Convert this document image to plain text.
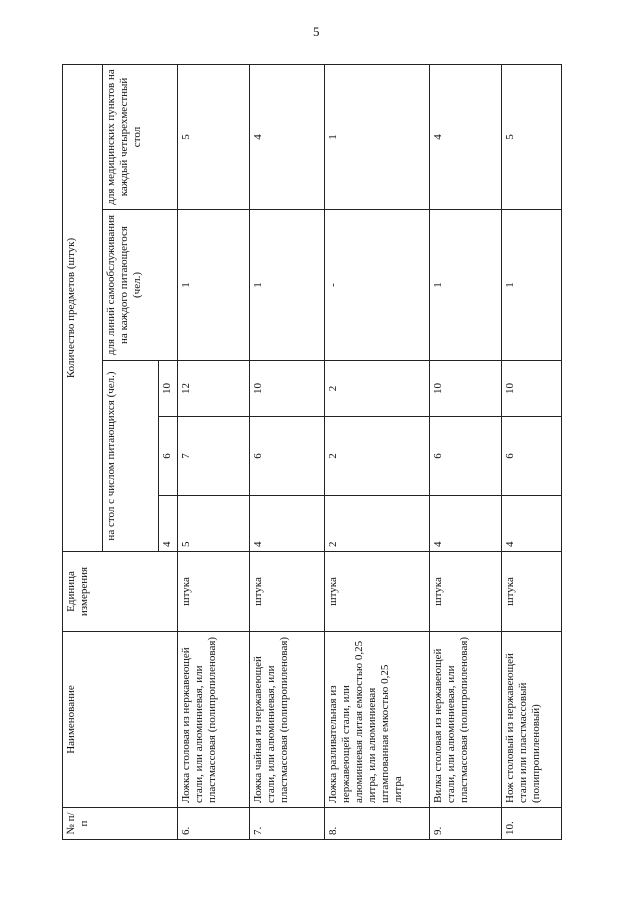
5
№ п/п	Наименование	Единица измерения	Количество предметов (штук)				
			на стол с числом питающихся (чел.)			для линий самообслуживания на каждого питающегося (чел.)	для медицинских пунктов на каждый четырехместный стол
			4	6	10		
6.	Ложка столовая из нержавеющей стали, или алюминиевая, или пластмассовая (полипропиленовая)	штука	5	7	12	1	5
7.	Ложка чайная из нержавеющей стали, или алюминиевая, или пластмассовая (полипропиленовая)	штука	4	6	10	1	4
8.	Ложка разливательная из нержавеющей стали, или алюминиевая литая емкостью 0,25 литра, или алюминиевая штампованная емкостью 0,25 литра	штука	2	2	2	-	1
9.	Вилка столовая из нержавеющей стали, или алюминиевая, или пластмассовая (полипропиленовая)	штука	4	6	10	1	4
10.	Нож столовый из нержавеющей стали или пластмассовый (полипропиленовый)	штука	4	6	10	1	5
